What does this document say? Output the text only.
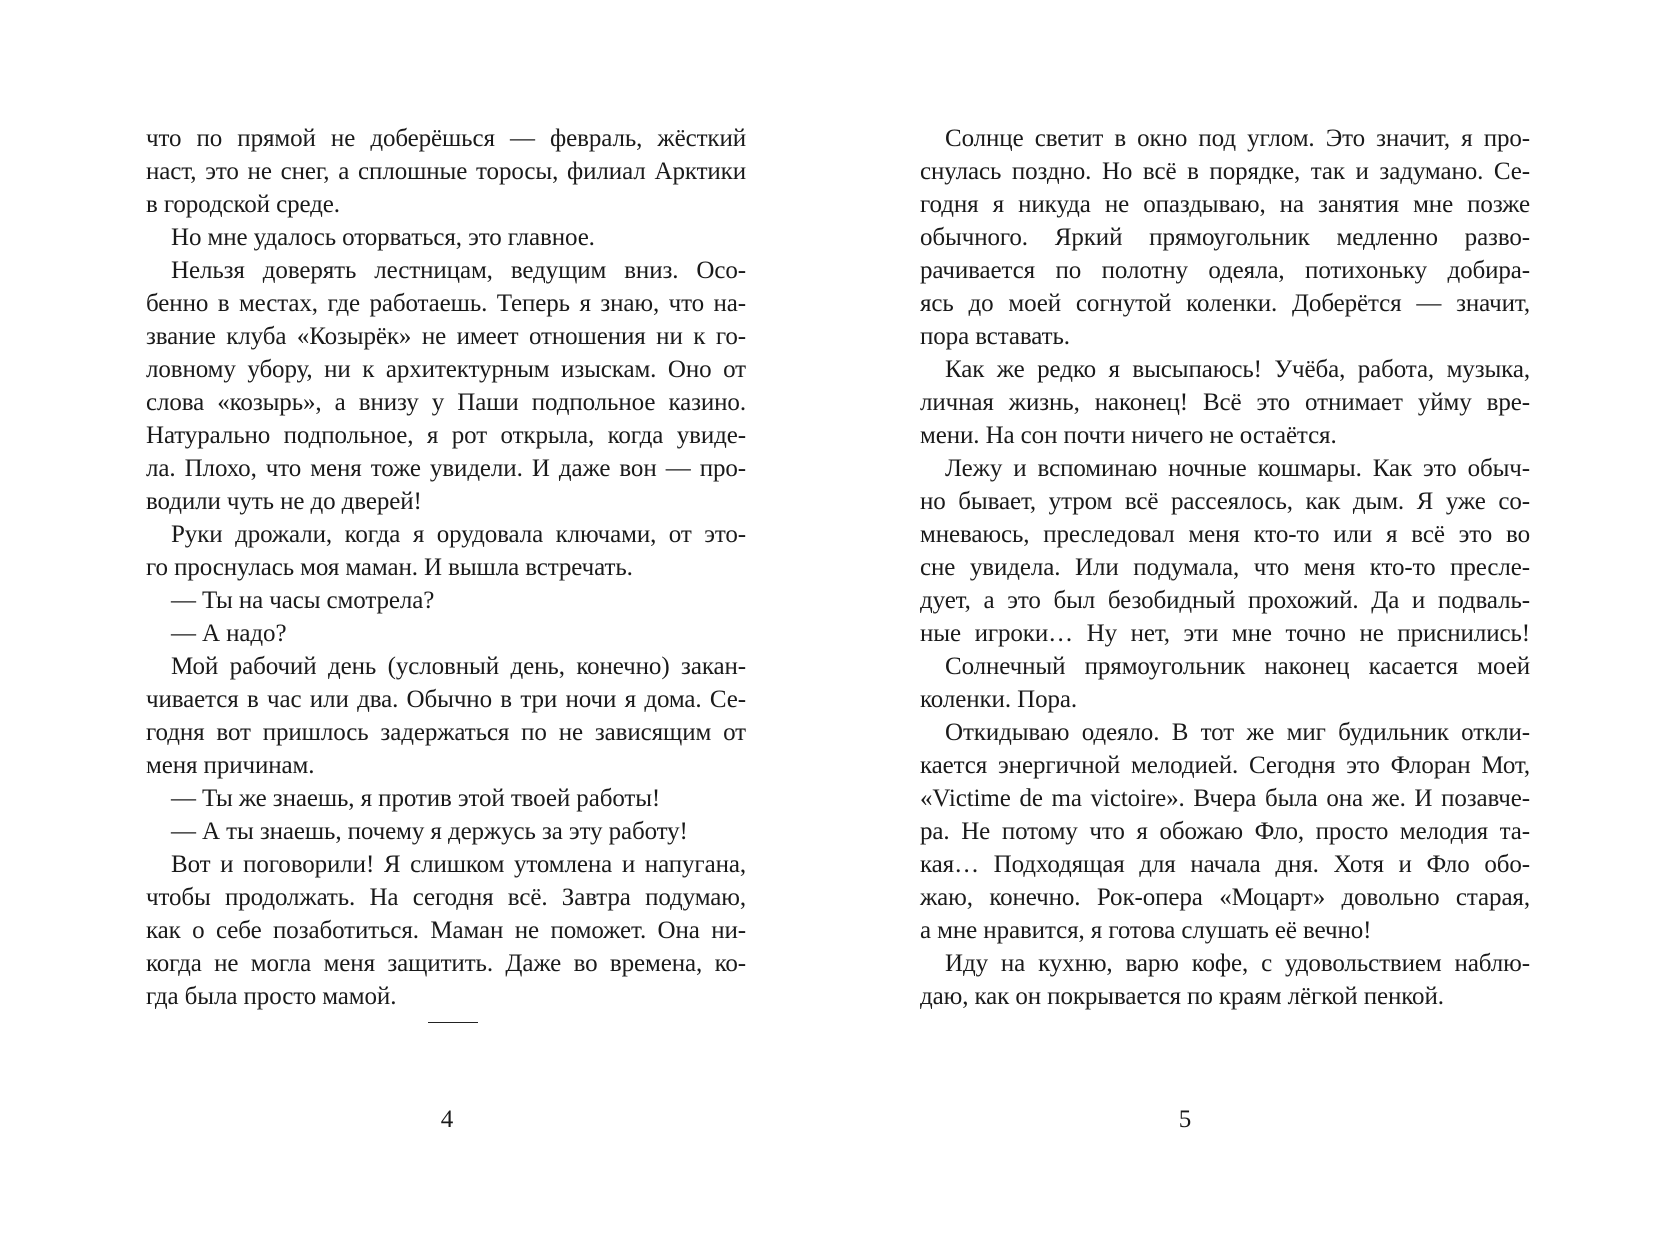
что по прямой не доберёшься — февраль, жёсткий
наст, это не снег, а сплошные торосы, филиал Арктики
в городской среде.
Но мне удалось оторваться, это главное.
Нельзя доверять лестницам, ведущим вниз. Осо-
бенно в местах, где работаешь. Теперь я знаю, что на-
звание клуба «Козырёк» не имеет отношения ни к го-
ловному убору, ни к архитектурным изыскам. Оно от
слова «козырь», а внизу у Паши подпольное казино.
Натурально подпольное, я рот открыла, когда увиде-
ла. Плохо, что меня тоже увидели. И даже вон — про-
водили чуть не до дверей!
Руки дрожали, когда я орудовала ключами, от это-
го проснулась моя маман. И вышла встречать.
— Ты на часы смотрела?
— А надо?
Мой рабочий день (условный день, конечно) закан-
чивается в час или два. Обычно в три ночи я дома. Се-
годня вот пришлось задержаться по не зависящим от
меня причинам.
— Ты же знаешь, я против этой твоей работы!
— А ты знаешь, почему я держусь за эту работу!
Вот и поговорили! Я слишком утомлена и напугана,
чтобы продолжать. На сегодня всё. Завтра подумаю,
как о себе позаботиться. Маман не поможет. Она ни-
когда не могла меня защитить. Даже во времена, ко-
гда была просто мамой.
4
Солнце светит в окно под углом. Это значит, я про-
снулась поздно. Но всё в порядке, так и задумано. Се-
годня я никуда не опаздываю, на занятия мне позже
обычного. Яркий прямоугольник медленно разво-
рачивается по полотну одеяла, потихоньку добира-
ясь до моей согнутой коленки. Доберётся — значит,
пора вставать.
Как же редко я высыпаюсь! Учёба, работа, музыка,
личная жизнь, наконец! Всё это отнимает уйму вре-
мени. На сон почти ничего не остаётся.
Лежу и вспоминаю ночные кошмары. Как это обыч-
но бывает, утром всё рассеялось, как дым. Я уже со-
мневаюсь, преследовал меня кто-то или я всё это во
сне увидела. Или подумала, что меня кто-то пресле-
дует, а это был безобидный прохожий. Да и подваль-
ные игроки… Ну нет, эти мне точно не приснились!
Солнечный прямоугольник наконец касается моей
коленки. Пора.
Откидываю одеяло. В тот же миг будильник откли-
кается энергичной мелодией. Сегодня это Флоран Мот,
«Victime de ma victoire». Вчера была она же. И позавче-
ра. Не потому что я обожаю Фло, просто мелодия та-
кая… Подходящая для начала дня. Хотя и Фло обо-
жаю, конечно. Рок-опера «Моцарт» довольно старая,
а мне нравится, я готова слушать её вечно!
Иду на кухню, варю кофе, с удовольствием наблю-
даю, как он покрывается по краям лёгкой пенкой.
5
